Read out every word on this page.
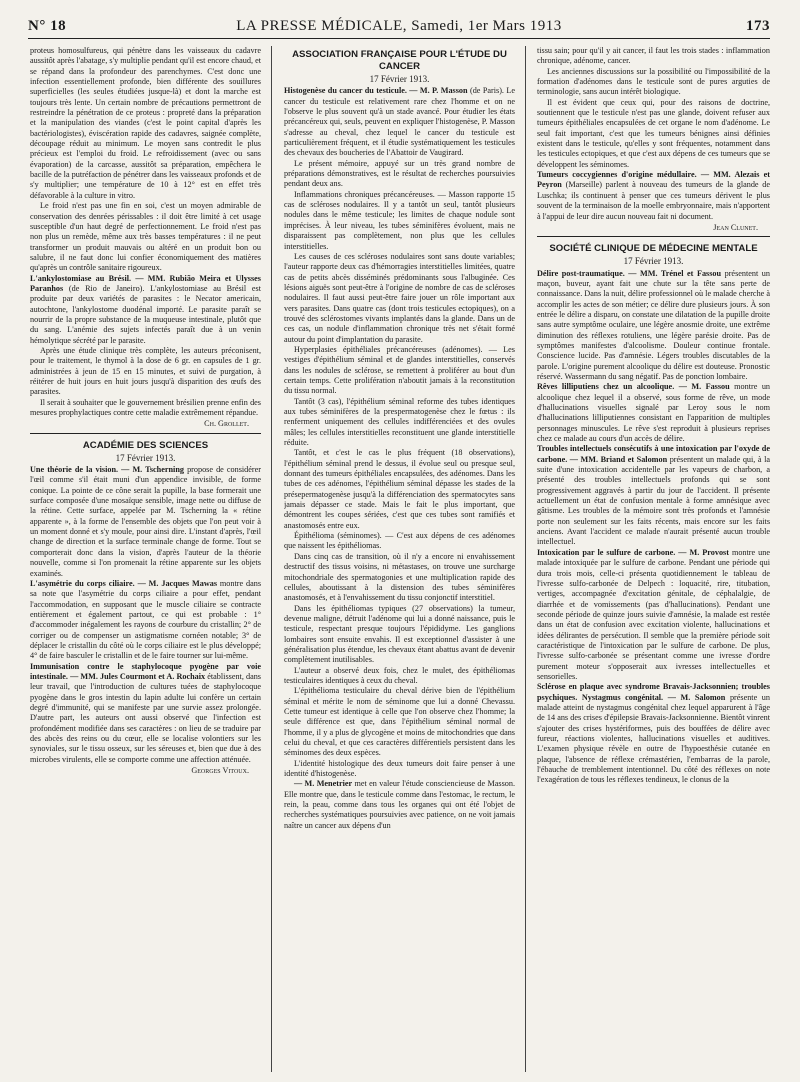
N° 18	LA PRESSE MÉDICALE, Samedi, 1er Mars 1913	173

proteus homosulfureus, qui pénètre dans les vaisseaux du cadavre aussitôt après l'abatage, s'y multiplie pendant qu'il est encore chaud, et se répand dans la profondeur des parenchymes. C'est donc une infection essentiellement profonde, bien différente des souillures superficielles (les seules étudiées jusque-là) et dont la marche est toujours très lente. Un certain nombre de précautions permettront de restreindre la pénétration de ce proteus : propreté dans la préparation et la manipulation des viandes (c'est le point capital d'après les bactériologistes), éviscération rapide des cadavres, saignée complète, découpage réduit au minimum. Le moyen sans contredit le plus précieux est l'emploi du froid. Le refroidissement (avec ou sans évaporation) de la carcasse, aussitôt sa préparation, empêchera le bacille de la putréfaction de pénétrer dans les vaisseaux profonds et de s'y multiplier; une température de 10 à 12° est en effet très défavorable à la culture in vitro.

Le froid n'est pas une fin en soi, c'est un moyen admirable de conservation des denrées périssables : il doit être limité à cet usage susceptible d'un haut degré de perfectionnement. Le froid n'est pas non plus un remède, même aux très basses températures : il ne peut transformer un produit mauvais ou altéré en un produit bon ou salubre, il ne faut donc lui confier économiquement des matières qu'après un contrôle sanitaire rigoureux.

L'ankylostomiase au Brésil. — MM. Rubião Meira et Ulysses Paranhos (de Rio de Janeiro). L'ankylostomiase au Brésil est produite par deux variétés de parasites : le Necator americain, autochtone, l'ankylostome duodénal importé. Le parasite paraît se nourrir de la propre substance de la muqueuse intestinale, plutôt que du sang. L'anémie des sujets infectés paraît due à un venin hémolytique sécrété par le parasite.

Après une étude clinique très complète, les auteurs préconisent, pour le traitement, le thymol à la dose de 6 gr. en capsules de 1 gr. administrées à jeun de 15 en 15 minutes, et suivi de purgation, à réitérer de huit jours en huit jours jusqu'à disparition des œufs des parasites.

Il serait à souhaiter que le gouvernement brésilien prenne enfin des mesures prophylactiques contre cette maladie extrêmement répandue.

Ch. Grollet.
ACADÉMIE DES SCIENCES
17 Février 1913.

Une théorie de la vision. — M. Tscherning propose de considérer l'œil comme s'il était muni d'un appendice invisible, de forme conique. La pointe de ce cône serait la pupille, la base formerait une surface composée d'une mosaïque sensible, image nette ou diffuse de la rétine. Cette surface, appelée par M. Tscherning la « rétine apparente », à la forme de l'ensemble des objets que l'on peut voir à un moment donné et s'y moule, pour ainsi dire. L'instant d'après, l'œil change de direction et la surface terminale change de forme. Tout se comporterait donc dans la vision, d'après l'auteur de la théorie nouvelle, comme si l'on promenait la rétine apparente sur les objets examinés.

L'asymétrie du corps ciliaire. — M. Jacques Mawas montre dans sa note que l'asymétrie du corps ciliaire a pour effet, pendant l'accommodation, en supposant que le muscle ciliaire se contracte entièrement et également partout, ce qui est probable : 1° d'accommoder inégalement les rayons de courbure du cristallin; 2° de corriger ou de compenser un astigmatisme cornéen notable; 3° de déplacer le cristallin du côté où le corps ciliaire est le plus développé; 4° de faire basculer le cristallin et de le faire tourner sur lui-même.

Immunisation contre le staphylocoque pyogène par voie intestinale. — MM. Jules Courmont et A. Rochaix établissent, dans leur travail, que l'introduction de cultures tuées de staphylocoque pyogène dans le gros intestin du lapin adulte lui confère un certain degré d'immunité, qui se manifeste par une survie assez prolongée. D'autre part, les auteurs ont aussi observé que l'infection est profondément modifiée dans ses caractères : on lieu de se traduire par des abcès des reins ou du cœur, elle se localise volontiers sur les synoviales, sur le tissu osseux, sur les séreuses et, bien que due à des microbes virulents, elle se comporte comme une affection atténuée.

Georges Vitoux.
ASSOCIATION FRANÇAISE POUR L'ÉTUDE DU CANCER
17 Février 1913.

Histogenèse du cancer du testicule. — M. P. Masson (de Paris). Le cancer du testicule est relativement rare chez l'homme et on ne l'observe le plus souvent qu'à un stade avancé. Pour étudier les états précancéreux qui, seuls, peuvent en expliquer l'histogenèse, P. Masson s'adresse au cheval, chez lequel le cancer du testicule est particulièrement fréquent, et il étudie systématiquement les testicules des chevaux des boucheries de l'Abattoir de Vaugirard.

Le présent mémoire, appuyé sur un très grand nombre de préparations démonstratives, est le résultat de recherches poursuivies pendant deux ans.

Inflammations chroniques précancéreuses. — Masson rapporte 15 cas de scléroses nodulaires. Il y a tantôt un seul, tantôt plusieurs nodules dans le même testicule; les limites de chaque nodule sont imprécises. À leur niveau, les tubes séminifères évoluent, mais ne disparaissent pas complètement, non plus que les cellules interstitielles.

Les causes de ces scléroses nodulaires sont sans doute variables; l'auteur rapporte deux cas d'hémorragies interstitielles limitées, quatre cas de petits abcès disséminés prédominants sous l'albuginée. Ces lésions aiguës sont peut-être à l'origine de nombre de cas de scléroses nodulaires. Il faut aussi peut-être faire jouer un rôle important aux vers parasites. Dans quatre cas (dont trois testicules ectopiques), on a trouvé des sclérostomes vivants implantés dans la glande. Dans un de ces cas, un nodule d'inflammation chronique très net s'était formé autour du point d'implantation du parasite.

Hyperplasies épithéliales précancéreuses (adénomes). — Les vestiges d'épithélium séminal et de glandes interstitielles, conservés dans les nodules de sclérose, se remettent à proliférer au bout d'un certain temps. Cette prolifération n'aboutit jamais à la reconstitution du tissu normal.

Tantôt (3 cas), l'épithélium séminal reforme des tubes identiques aux tubes séminifères de la prespermatogenèse chez le fœtus : ils renferment uniquement des cellules indifférenciées et des ovules mâles; les cellules interstitielles reconstituent une glande interstitielle réduite.

Tantôt, et c'est le cas le plus fréquent (18 observations), l'épithélium séminal prend le dessus, il évolue seul ou presque seul, donnant des tumeurs épithéliales encapsulées, des adénomes. Dans les tubes de ces adénomes, l'épithélium séminal dépasse les stades de la présepermatogenèse jusqu'à la différenciation des spermatocytes sans jamais dépasser ce stade. Mais le fait le plus important, que démontrent les coupes sériées, c'est que ces tubes sont ramifiés et anastomosés entre eux.

Épithélioma (séminomes). — C'est aux dépens de ces adénomes que naissent les épithéliomas.

Dans cinq cas de transition, où il n'y a encore ni envahissement destructif des tissus voisins, ni métastases, on trouve une surcharge mitochondriale des spermatogonies et une multiplication rapide des cellules, aboutissant à la distension des tubes séminifères anastomosés, et à l'envahissement du tissu conjonctif interstitiel.

Dans les épithéliomas typiques (27 observations) la tumeur, devenue maligne, détruit l'adénome qui lui a donné naissance, puis le testicule, respectant presque toujours l'épididyme. Les ganglions lombaires sont ensuite envahis. Il est exceptionnel d'assister à une généralisation plus étendue, les chevaux étant abattus avant de devenir complètement inutilisables.

L'auteur a observé deux fois, chez le mulet, des épithéliomas testiculaires identiques à ceux du cheval.

L'épithélioma testiculaire du cheval dérive bien de l'épithélium séminal et mérite le nom de séminome que lui a donné Chevassu. Cette tumeur est identique à celle que l'on observe chez l'homme; la seule différence est que, dans l'épithélium séminal normal de l'homme, il y a plus de glycogène et moins de mitochondries que dans celui du cheval, et que ces caractères différentiels persistent dans les séminomes des deux espèces.

L'identité histologique des deux tumeurs doit faire penser à une identité d'histogenèse.

— M. Menetrier met en valeur l'étude consciencieuse de Masson. Elle montre que, dans le testicule comme dans l'estomac, le rectum, le rein, la peau, comme dans tous les organes qui ont été l'objet de recherches systématiques poursuivies avec patience, on ne voit jamais naître un cancer aux dépens d'un

tissu sain; pour qu'il y ait cancer, il faut les trois stades : inflammation chronique, adénome, cancer.

Les anciennes discussions sur la possibilité ou l'impossibilité de la formation d'adénomes dans le testicule sont de pures arguties de terminologie, sans aucun intérêt biologique.

Il est évident que ceux qui, pour des raisons de doctrine, soutiennent que le testicule n'est pas une glande, doivent refuser aux tumeurs épithéliales encapsulées de cet organe le nom d'adénome. Le seul fait important, c'est que les tumeurs bénignes ainsi définies existent dans le testicule, qu'elles y sont fréquentes, notamment dans les testicules ectopiques, et que c'est aux dépens de ces tumeurs que se développent les séminomes.

Tumeurs coccygiennes d'origine médullaire. — MM. Alezais et Peyron (Marseille) parlent à nouveau des tumeurs de la glande de Luschka; ils continuent à penser que ces tumeurs dérivent le plus souvent de la terminaison de la moelle embryonnaire, mais n'apportent à l'appui de leur dire aucun nouveau fait ni document.

Jean Clunet.
SOCIÉTÉ CLINIQUE DE MÉDECINE MENTALE
17 Février 1913.

Délire post-traumatique. — MM. Trénel et Fassou présentent un maçon, buveur, ayant fait une chute sur la tête sans perte de connaissance. Dans la nuit, délire professionnel où le malade cherche à accomplir les actes de son métier; ce délire dure plusieurs jours. À son entrée le délire a disparu, on constate une dilatation de la pupille droite sans autre symptôme oculaire, une légère anosmie droite, une extrême diminution des réflexes rotuliens, une légère parésie droite. Pas de symptômes manifestes d'alcoolisme. Douleur continue frontale. Conscience lucide. Pas d'amnésie. Légers troubles discutables de la parole. L'origine purement alcoolique du délire est douteuse. Pronostic réservé. Wassermann du sang négatif. Pas de ponction lombaire.

Rêves lilliputiens chez un alcoolique. — M. Fassou montre un alcoolique chez lequel il a observé, sous forme de rêve, un mode d'hallucinations visuelles signalé par Leroy sous le nom d'hallucinations lilliputiennes consistant en l'apparition de multiples personnages minuscules. Le rêve s'est reproduit à plusieurs reprises chez ce malade au cours d'un accès de délire.

Troubles intellectuels consécutifs à une intoxication par l'oxyde de carbone. — MM. Briand et Salomon présentent un malade qui, à la suite d'une intoxication accidentelle par les vapeurs de charbon, a présenté des troubles intellectuels profonds qui se sont progressivement aggravés à partir du jour de l'accident. Il présente actuellement un état de confusion mentale à forme amnésique avec gâtisme. Les troubles de la mémoire sont très profonds et l'amnésie porte non seulement sur les faits récents, mais encore sur les faits anciens. Avant l'accident ce malade n'aurait présenté aucun trouble intellectuel.

Intoxication par le sulfure de carbone. — M. Provost montre une malade intoxiquée par le sulfure de carbone. Pendant une période qui dura trois mois, celle-ci présenta quotidiennement le tableau de l'ivresse sulfo-carbonée de Delpech : loquacité, rire, titubation, vertiges, accompagnée d'excitation génitale, de céphalalgie, de diarrhée et de vomissements (pas d'hallucinations). Pendant une seconde période de quinze jours suivie d'amnésie, la malade est restée dans un état de confusion avec excitation violente, hallucinations et idées délirantes de persécution. Il semble que la première période soit caractéristique de l'intoxication par le sulfure de carbone. De plus, l'ivresse sulfo-carbonée se présentant comme une ivresse d'ordre purement moteur s'opposerait aux ivresses intellectuelles et sensorielles.

Sclérose en plaque avec syndrome Bravais-Jacksonnien; troubles psychiques. Nystagmus congénital. — M. Salomon présente un malade atteint de nystagmus congénital chez lequel apparurent à l'âge de 14 ans des crises d'épilepsie Bravais-Jacksonnienne. Bientôt vinrent s'ajouter des crises hystériformes, puis des bouffées de délire avec fureur, réactions violentes, hallucinations visuelles et auditives. L'examen physique révèle en outre de l'hypoesthésie cutanée en plaque, l'absence de réflexe crémastérien, l'embarras de la parole, l'ébauche de tremblement intentionnel. Du côté des réflexes on note l'exagération de tous les réflexes tendineux, le clonus de la
